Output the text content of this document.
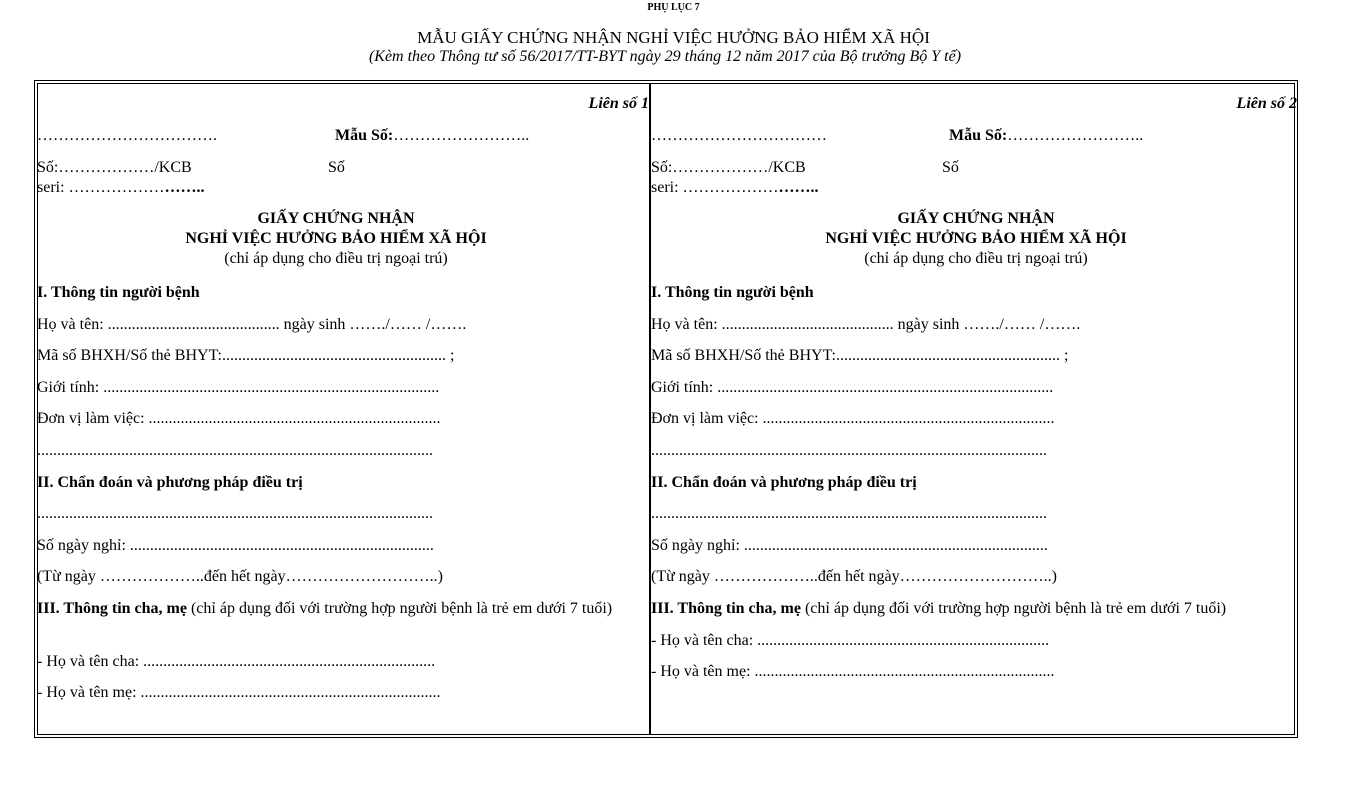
PHỤ LỤC 7
MẪU GIẤY CHỨNG NHẬN NGHỈ VIỆC HƯỞNG BẢO HIỂM XÃ HỘI
(Kèm theo Thông tư số 56/2017/TT-BYT ngày 29 tháng 12 năm 2017 của Bộ trưởng Bộ Y tế)
Liên số 1
…………………………….	Mẫu Số:……………………..
Số:………………/KCB	Số
seri: ……………………..
GIẤY CHỨNG NHẬN
NGHỈ VIỆC HƯỞNG BẢO HIỂM XÃ HỘI
(chỉ áp dụng cho điều trị ngoại trú)
I. Thông tin người bệnh
Họ và tên: ........................................... ngày sinh ……./…… /…….
Mã số BHXH/Số thẻ BHYT:........................................................ ;
Giới tính: ....................................................................................
Đơn vị làm việc: .........................................................................
...................................................................................................
II. Chẩn đoán và phương pháp điều trị
...................................................................................................
Số ngày nghỉ: ............................................................................
(Từ ngày ………………..đến hết ngày………………………..)
III. Thông tin cha, mẹ (chỉ áp dụng đối với trường hợp người bệnh là trẻ em dưới 7 tuổi)
- Họ và tên cha: .........................................................................
- Họ và tên mẹ: ...........................................................................
Liên số 2
……………………………	Mẫu Số:……………………..
Số:………………/KCB	Số
seri: ……………………..
GIẤY CHỨNG NHẬN
NGHỈ VIỆC HƯỞNG BẢO HIỂM XÃ HỘI
(chỉ áp dụng cho điều trị ngoại trú)
I. Thông tin người bệnh
Họ và tên: ........................................... ngày sinh ……./…… /…….
Mã số BHXH/Số thẻ BHYT:........................................................ ;
Giới tính: ....................................................................................
Đơn vị làm việc: .........................................................................
...................................................................................................
II. Chẩn đoán và phương pháp điều trị
...................................................................................................
Số ngày nghỉ: ............................................................................
(Từ ngày ………………..đến hết ngày………………………..)
III. Thông tin cha, mẹ (chỉ áp dụng đối với trường hợp người bệnh là trẻ em dưới 7 tuổi)
- Họ và tên cha: .........................................................................
- Họ và tên mẹ: ...........................................................................
